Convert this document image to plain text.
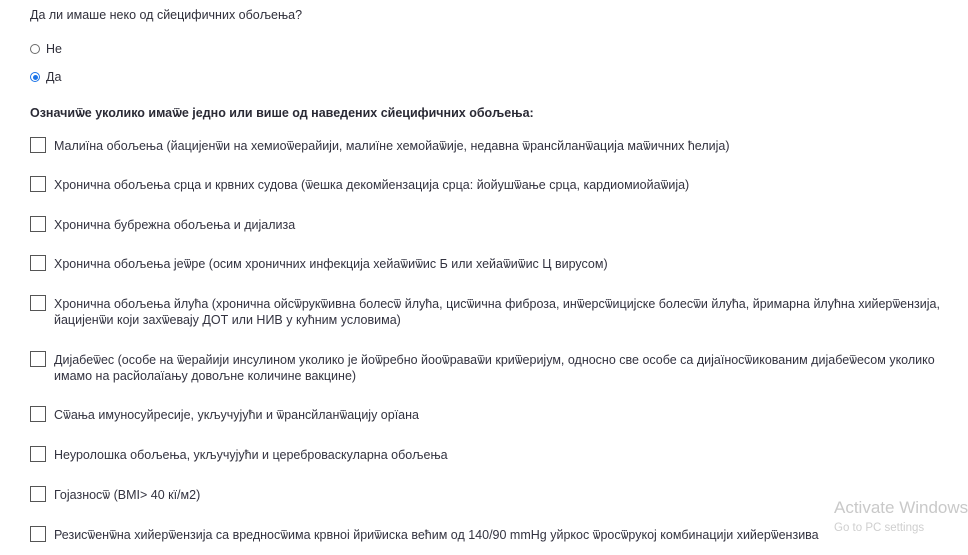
Да ли имаше неко од сйецифичних обољења?
Не
Да
Означиѿе уколико имаѿе једно или више од наведених сйецифичних обољења:
Малиїна обољења (йацијенѿи на хемиоѿерайији, малиїне хемойаѿије, недавна ѿрансйланѿација маѿичних ћелија)
Хронична обољења срца и крвних судова (ѿешка декомйензација срца: йойушѿање срца, кардиомиойаѿија)
Хронична бубрежна обољења и дијализа
Хронична обољења јеѿре (осим хроничних инфекција хейаѿиѿис Б или хейаѿиѿис Ц вирусом)
Хронична обољења йлућа (хронична ойсѿрукѿивна болесѿ йлућа, цисѿична фиброза, инѿерсѿицијске болесѿи йлућа, йримарна йлућна хийерѿензија, йацијенѿи који захѿевају ДОТ или НИВ у кућним условима)
Дијабеѿес (особе на ѿерайији инсулином уколико је йоѿребно йооѿраваѿи криѿеријум, односно све особе са дијаїносѿикованим дијабеѿесом уколико имамо на расйолаїању довољне количине вакцине)
Сѿања имуносуйресије, укључујући и ѿрансйланѿацију орїана
Неуролошка обољења, укључујући и цереброваскуларна обољења
Гојазносѿ (BMI> 40 кї/м2)
Резисѿенѿна хийерѿензија са вредносѿима крвноі йриѿиска већим од 140/90 mmHg уйркос ѿросѿрукој комбинацији хийерѿензива
Activate Windows
Go to PC settings
